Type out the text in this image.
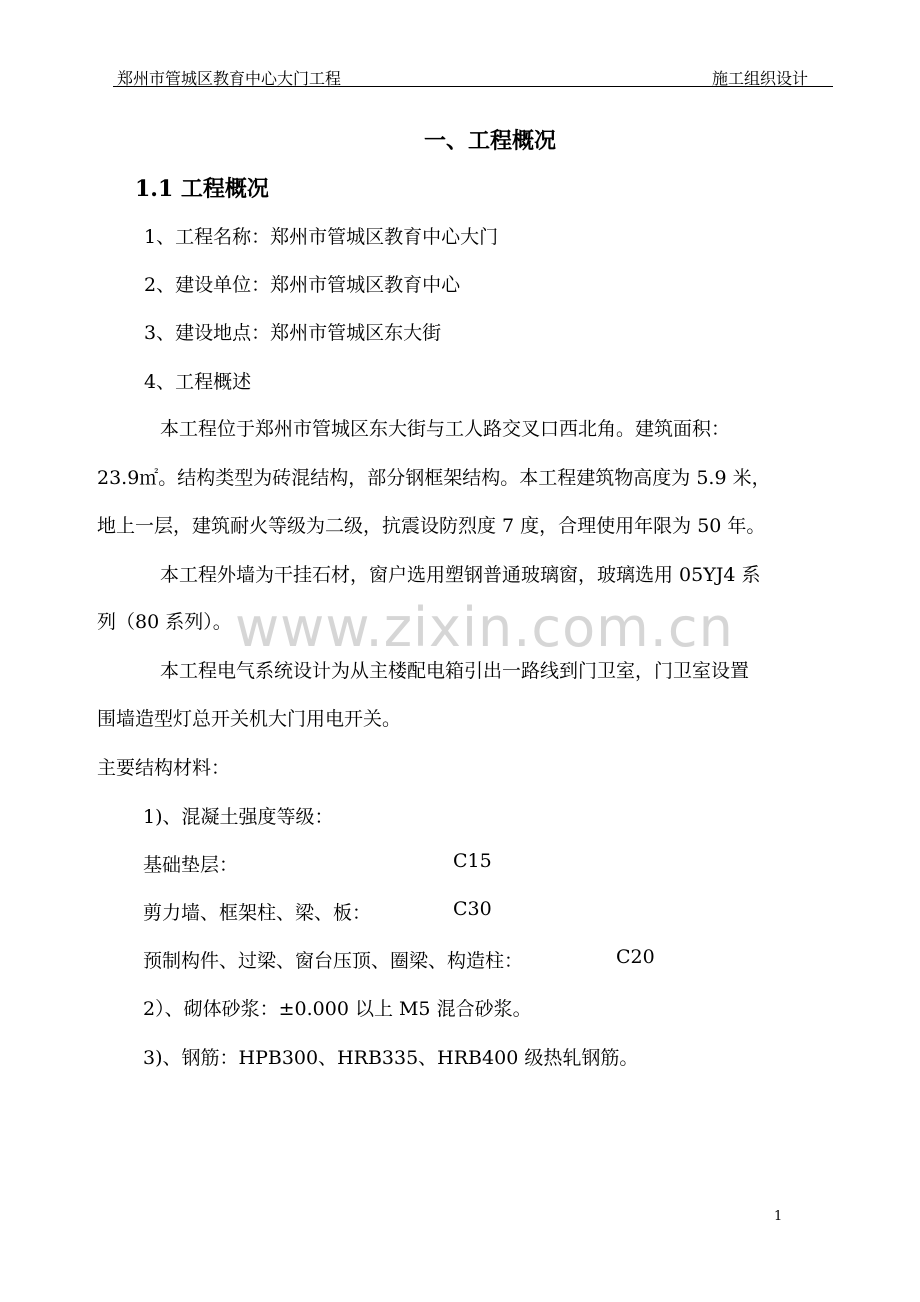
郑州市管城区教育中心大门工程	施工组织设计
一、工程概况
1.1 工程概况
1、工程名称：郑州市管城区教育中心大门
2、建设单位：郑州市管城区教育中心
3、建设地点：郑州市管城区东大街
4、工程概述
本工程位于郑州市管城区东大街与工人路交叉口西北角。建筑面积：
23.9㎡。结构类型为砖混结构，部分钢框架结构。本工程建筑物高度为 5.9 米，
地上一层，建筑耐火等级为二级，抗震设防烈度 7 度，合理使用年限为 50 年。
本工程外墙为干挂石材，窗户选用塑钢普通玻璃窗，玻璃选用 05YJ4 系
列（80 系列）。 www.zixin.com.cn
本工程电气系统设计为从主楼配电箱引出一路线到门卫室，门卫室设置
围墙造型灯总开关机大门用电开关。
主要结构材料：
1)、混凝土强度等级：
基础垫层：	C15
剪力墙、框架柱、梁、板：	C30
预制构件、过梁、窗台压顶、圈梁、构造柱：	C20
2）、砌体砂浆：±0.000 以上 M5 混合砂浆。
3)、钢筋：HPB300、HRB335、HRB400 级热轧钢筋。
1
